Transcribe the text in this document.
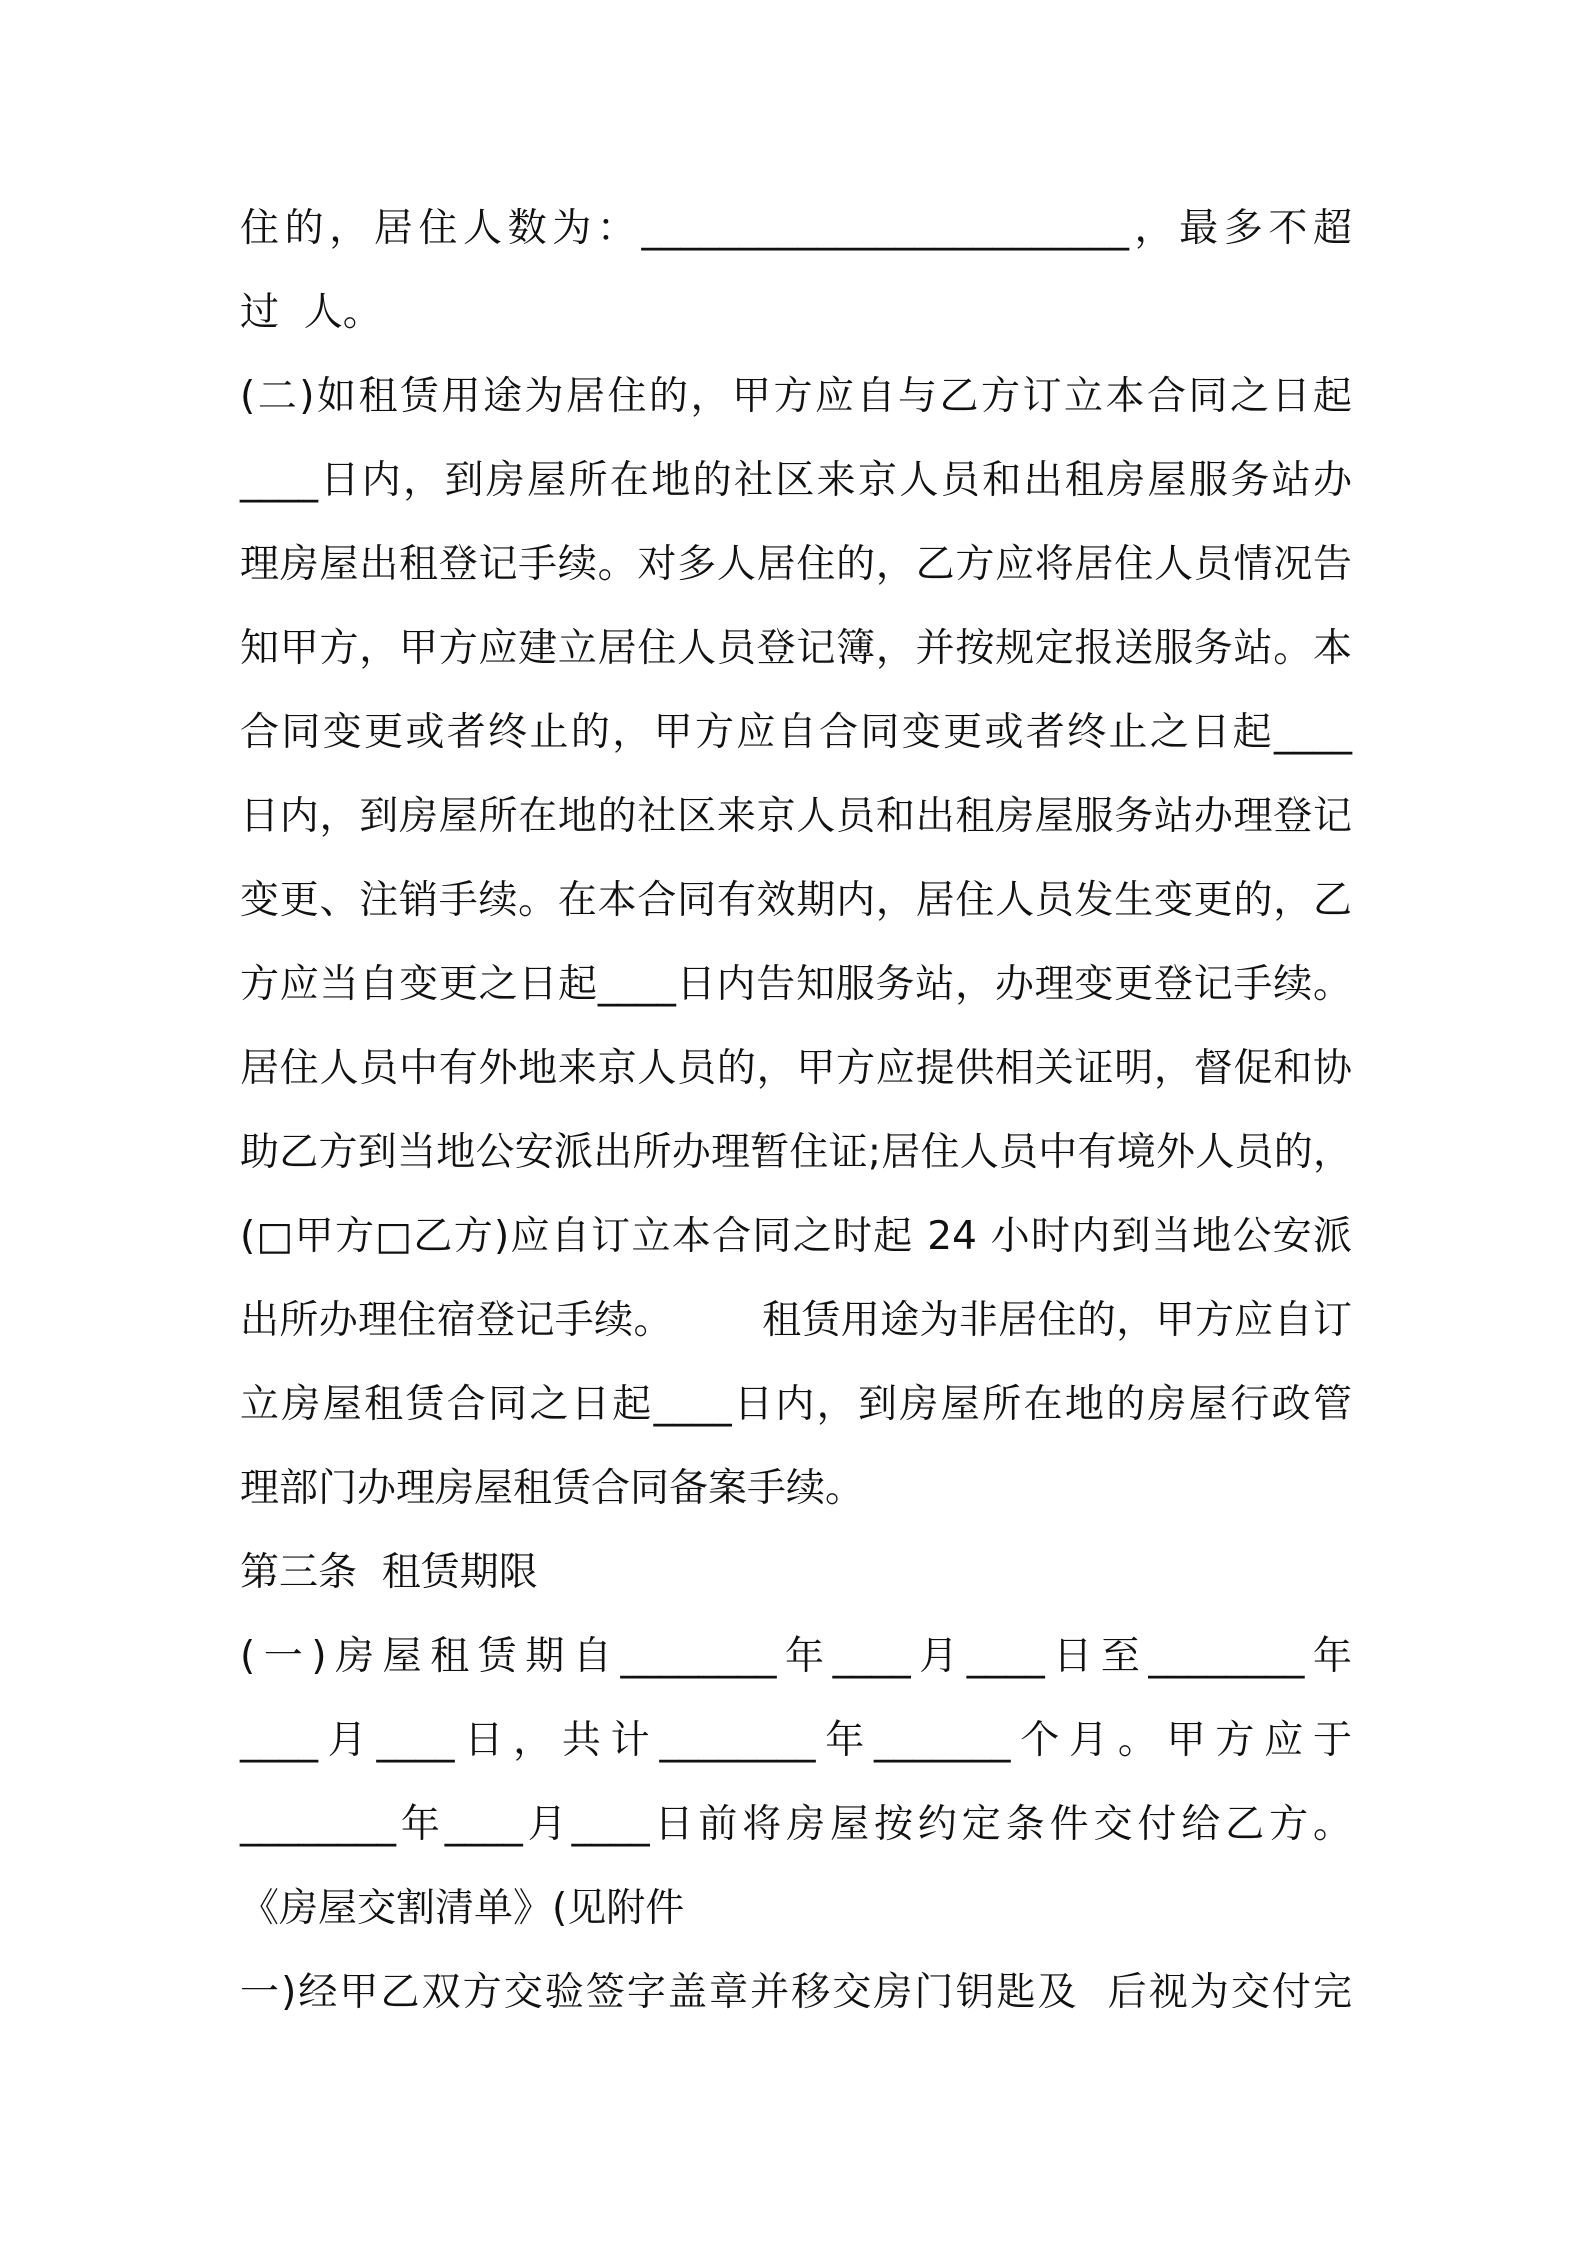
住的，居住人数为：_________________________，最多不超
过  人。
(二)如租赁用途为居住的，甲方应自与乙方订立本合同之日起
____日内，到房屋所在地的社区来京人员和出租房屋服务站办
理房屋出租登记手续。对多人居住的，乙方应将居住人员情况告
知甲方，甲方应建立居住人员登记簿，并按规定报送服务站。本
合同变更或者终止的，甲方应自合同变更或者终止之日起____
日内，到房屋所在地的社区来京人员和出租房屋服务站办理登记
变更、注销手续。在本合同有效期内，居住人员发生变更的，乙
方应当自变更之日起____日内告知服务站，办理变更登记手续。
居住人员中有外地来京人员的，甲方应提供相关证明，督促和协
助乙方到当地公安派出所办理暂住证;居住人员中有境外人员的，
(□甲方□乙方)应自订立本合同之时起 24 小时内到当地公安派
出所办理住宿登记手续。       租赁用途为非居住的，甲方应自订
立房屋租赁合同之日起____日内，到房屋所在地的房屋行政管
理部门办理房屋租赁合同备案手续。
第三条  租赁期限
(一)房屋租赁期自________年____月____日至________年
____月____日，共计________年_______个月。甲方应于
________年____月____日前将房屋按约定条件交付给乙方。
《房屋交割清单》(见附件
一)经甲乙双方交验签字盖章并移交房门钥匙及  后视为交付完
